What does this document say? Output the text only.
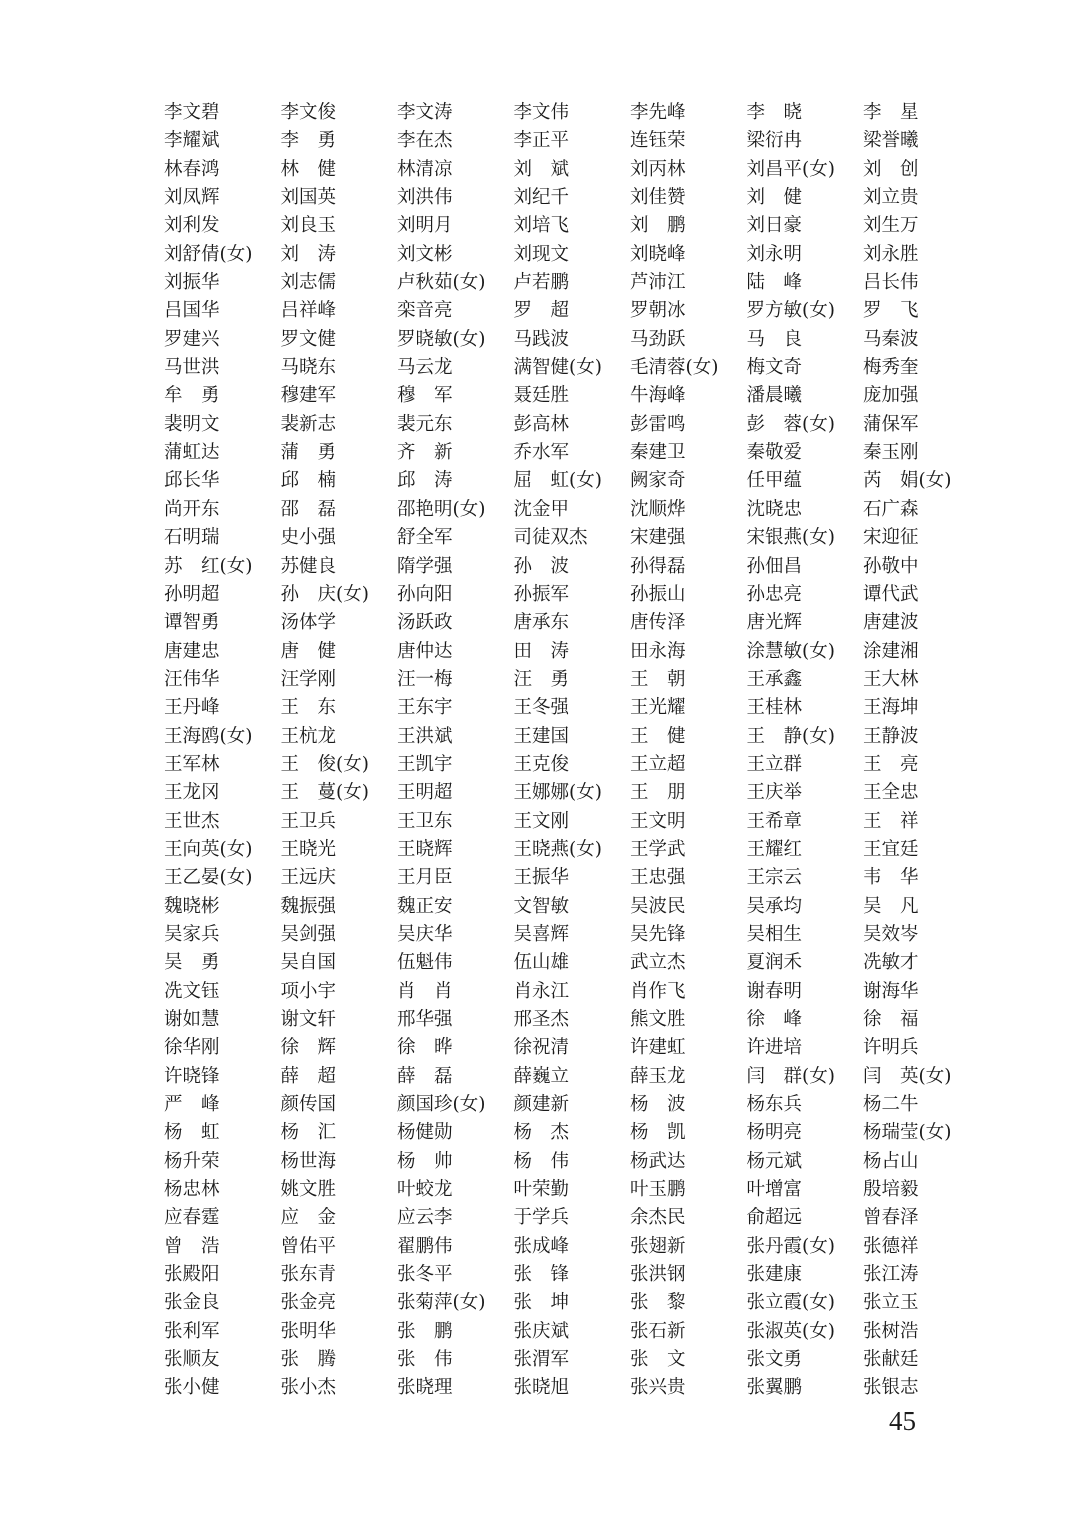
李文碧	李文俊	李文涛	李文伟	李先峰	李　晓	李　星
李耀斌	李　勇	李在杰	李正平	连钰荣	梁衍冉	梁誉曦
林春鸿	林　健	林清凉	刘　斌	刘丙林	刘昌平(女)	刘　创
刘凤辉	刘国英	刘洪伟	刘纪千	刘佳赞	刘　健	刘立贵
刘利发	刘良玉	刘明月	刘培飞	刘　鹏	刘日豪	刘生万
刘舒倩(女)	刘　涛	刘文彬	刘现文	刘晓峰	刘永明	刘永胜
刘振华	刘志儒	卢秋茹(女)	卢若鹏	芦沛江	陆　峰	吕长伟
吕国华	吕祥峰	栾音亮	罗　超	罗朝冰	罗方敏(女)	罗　飞
罗建兴	罗文健	罗晓敏(女)	马践波	马劲跃	马　良	马秦波
马世洪	马晓东	马云龙	满智健(女)	毛清蓉(女)	梅文奇	梅秀奎
牟　勇	穆建军	穆　军	聂廷胜	牛海峰	潘晨曦	庞加强
裴明文	裴新志	裴元东	彭高林	彭雷鸣	彭　蓉(女)	蒲保军
蒲虹达	蒲　勇	齐　新	乔水军	秦建卫	秦敬爱	秦玉刚
邱长华	邱　楠	邱　涛	屈　虹(女)	阙家奇	任甲蕴	芮　娟(女)
尚开东	邵　磊	邵艳明(女)	沈金甲	沈顺烨	沈晓忠	石广森
石明瑞	史小强	舒全军	司徒双杰	宋建强	宋银燕(女)	宋迎征
苏　红(女)	苏健良	隋学强	孙　波	孙得磊	孙佃昌	孙敬中
孙明超	孙　庆(女)	孙向阳	孙振军	孙振山	孙忠亮	谭代武
谭智勇	汤体学	汤跃政	唐承东	唐传泽	唐光辉	唐建波
唐建忠	唐　健	唐仲达	田　涛	田永海	涂慧敏(女)	涂建湘
汪伟华	汪学刚	汪一梅	汪　勇	王　朝	王承鑫	王大林
王丹峰	王　东	王东宇	王冬强	王光耀	王桂林	王海坤
王海鸥(女)	王杭龙	王洪斌	王建国	王　健	王　静(女)	王静波
王军林	王　俊(女)	王凯宇	王克俊	王立超	王立群	王　亮
王龙冈	王　蔓(女)	王明超	王娜娜(女)	王　朋	王庆举	王全忠
王世杰	王卫兵	王卫东	王文刚	王文明	王希章	王　祥
王向英(女)	王晓光	王晓辉	王晓燕(女)	王学武	王耀红	王宜廷
王乙晏(女)	王远庆	王月臣	王振华	王忠强	王宗云	韦　华
魏晓彬	魏振强	魏正安	文智敏	吴波民	吴承均	吴　凡
吴家兵	吴剑强	吴庆华	吴喜辉	吴先锋	吴相生	吴效岑
吴　勇	吴自国	伍魁伟	伍山雄	武立杰	夏润禾	冼敏才
冼文钰	项小宇	肖　肖	肖永江	肖作飞	谢春明	谢海华
谢如慧	谢文轩	邢华强	邢圣杰	熊文胜	徐　峰	徐　福
徐华刚	徐　辉	徐　晔	徐祝清	许建虹	许进培	许明兵
许晓锋	薛　超	薛　磊	薛巍立	薛玉龙	闫　群(女)	闫　英(女)
严　峰	颜传国	颜国珍(女)	颜建新	杨　波	杨东兵	杨二牛
杨　虹	杨　汇	杨健勋	杨　杰	杨　凯	杨明亮	杨瑞莹(女)
杨升荣	杨世海	杨　帅	杨　伟	杨武达	杨元斌	杨占山
杨忠林	姚文胜	叶蛟龙	叶荣勤	叶玉鹏	叶增富	殷培毅
应春霆	应　金	应云李	于学兵	余杰民	俞超远	曾春泽
曾　浩	曾佑平	翟鹏伟	张成峰	张翅新	张丹霞(女)	张德祥
张殿阳	张东青	张冬平	张　锋	张洪钢	张建康	张江涛
张金良	张金亮	张菊萍(女)	张　坤	张　黎	张立霞(女)	张立玉
张利军	张明华	张　鹏	张庆斌	张石新	张淑英(女)	张树浩
张顺友	张　腾	张　伟	张渭军	张　文	张文勇	张献廷
张小健	张小杰	张晓理	张晓旭	张兴贵	张翼鹏	张银志
45
